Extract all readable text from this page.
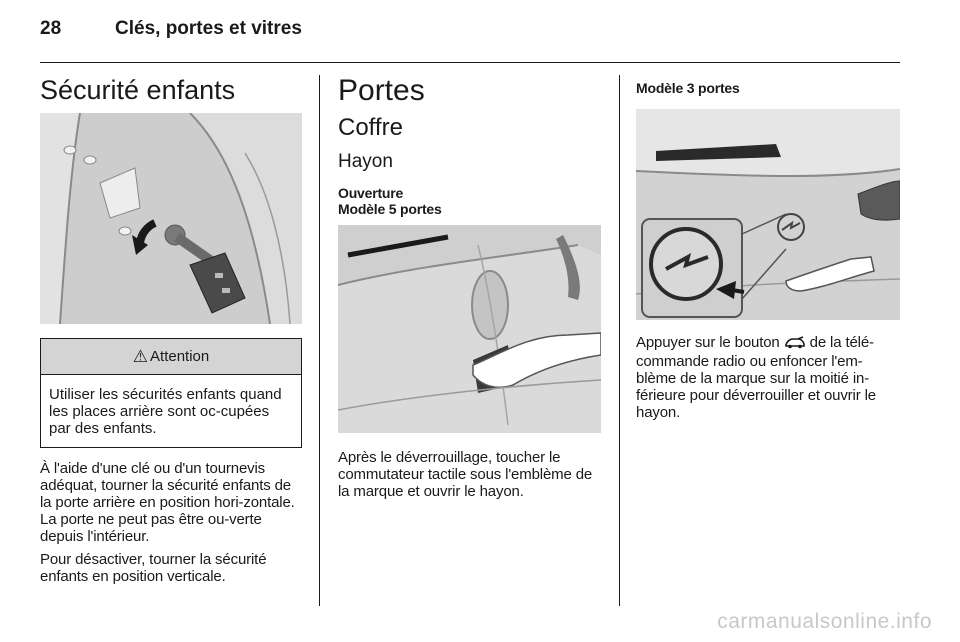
28	Clés, portes et vitres
Sécurité enfants
⚠ Attention
Utiliser les sécurités enfants quand les places arrière sont oc-cupées par des enfants.

À l'aide d'une clé ou d'un tournevis adéquat, tourner la sécurité enfants de la porte arrière en position hori-zontale. La porte ne peut pas être ou-verte depuis l'intérieur.

Pour désactiver, tourner la sécurité enfants en position verticale.

Portes
Coffre
Hayon
Ouverture
Modèle 5 portes

Après le déverrouillage, toucher le commutateur tactile sous l'emblème de la marque et ouvrir le hayon.

Modèle 3 portes

Appuyer sur le bouton  de la télé-commande radio ou enfoncer l'em-blème de la marque sur la moitié in-férieure pour déverrouiller et ouvrir le hayon.

carmanualsonline.info
